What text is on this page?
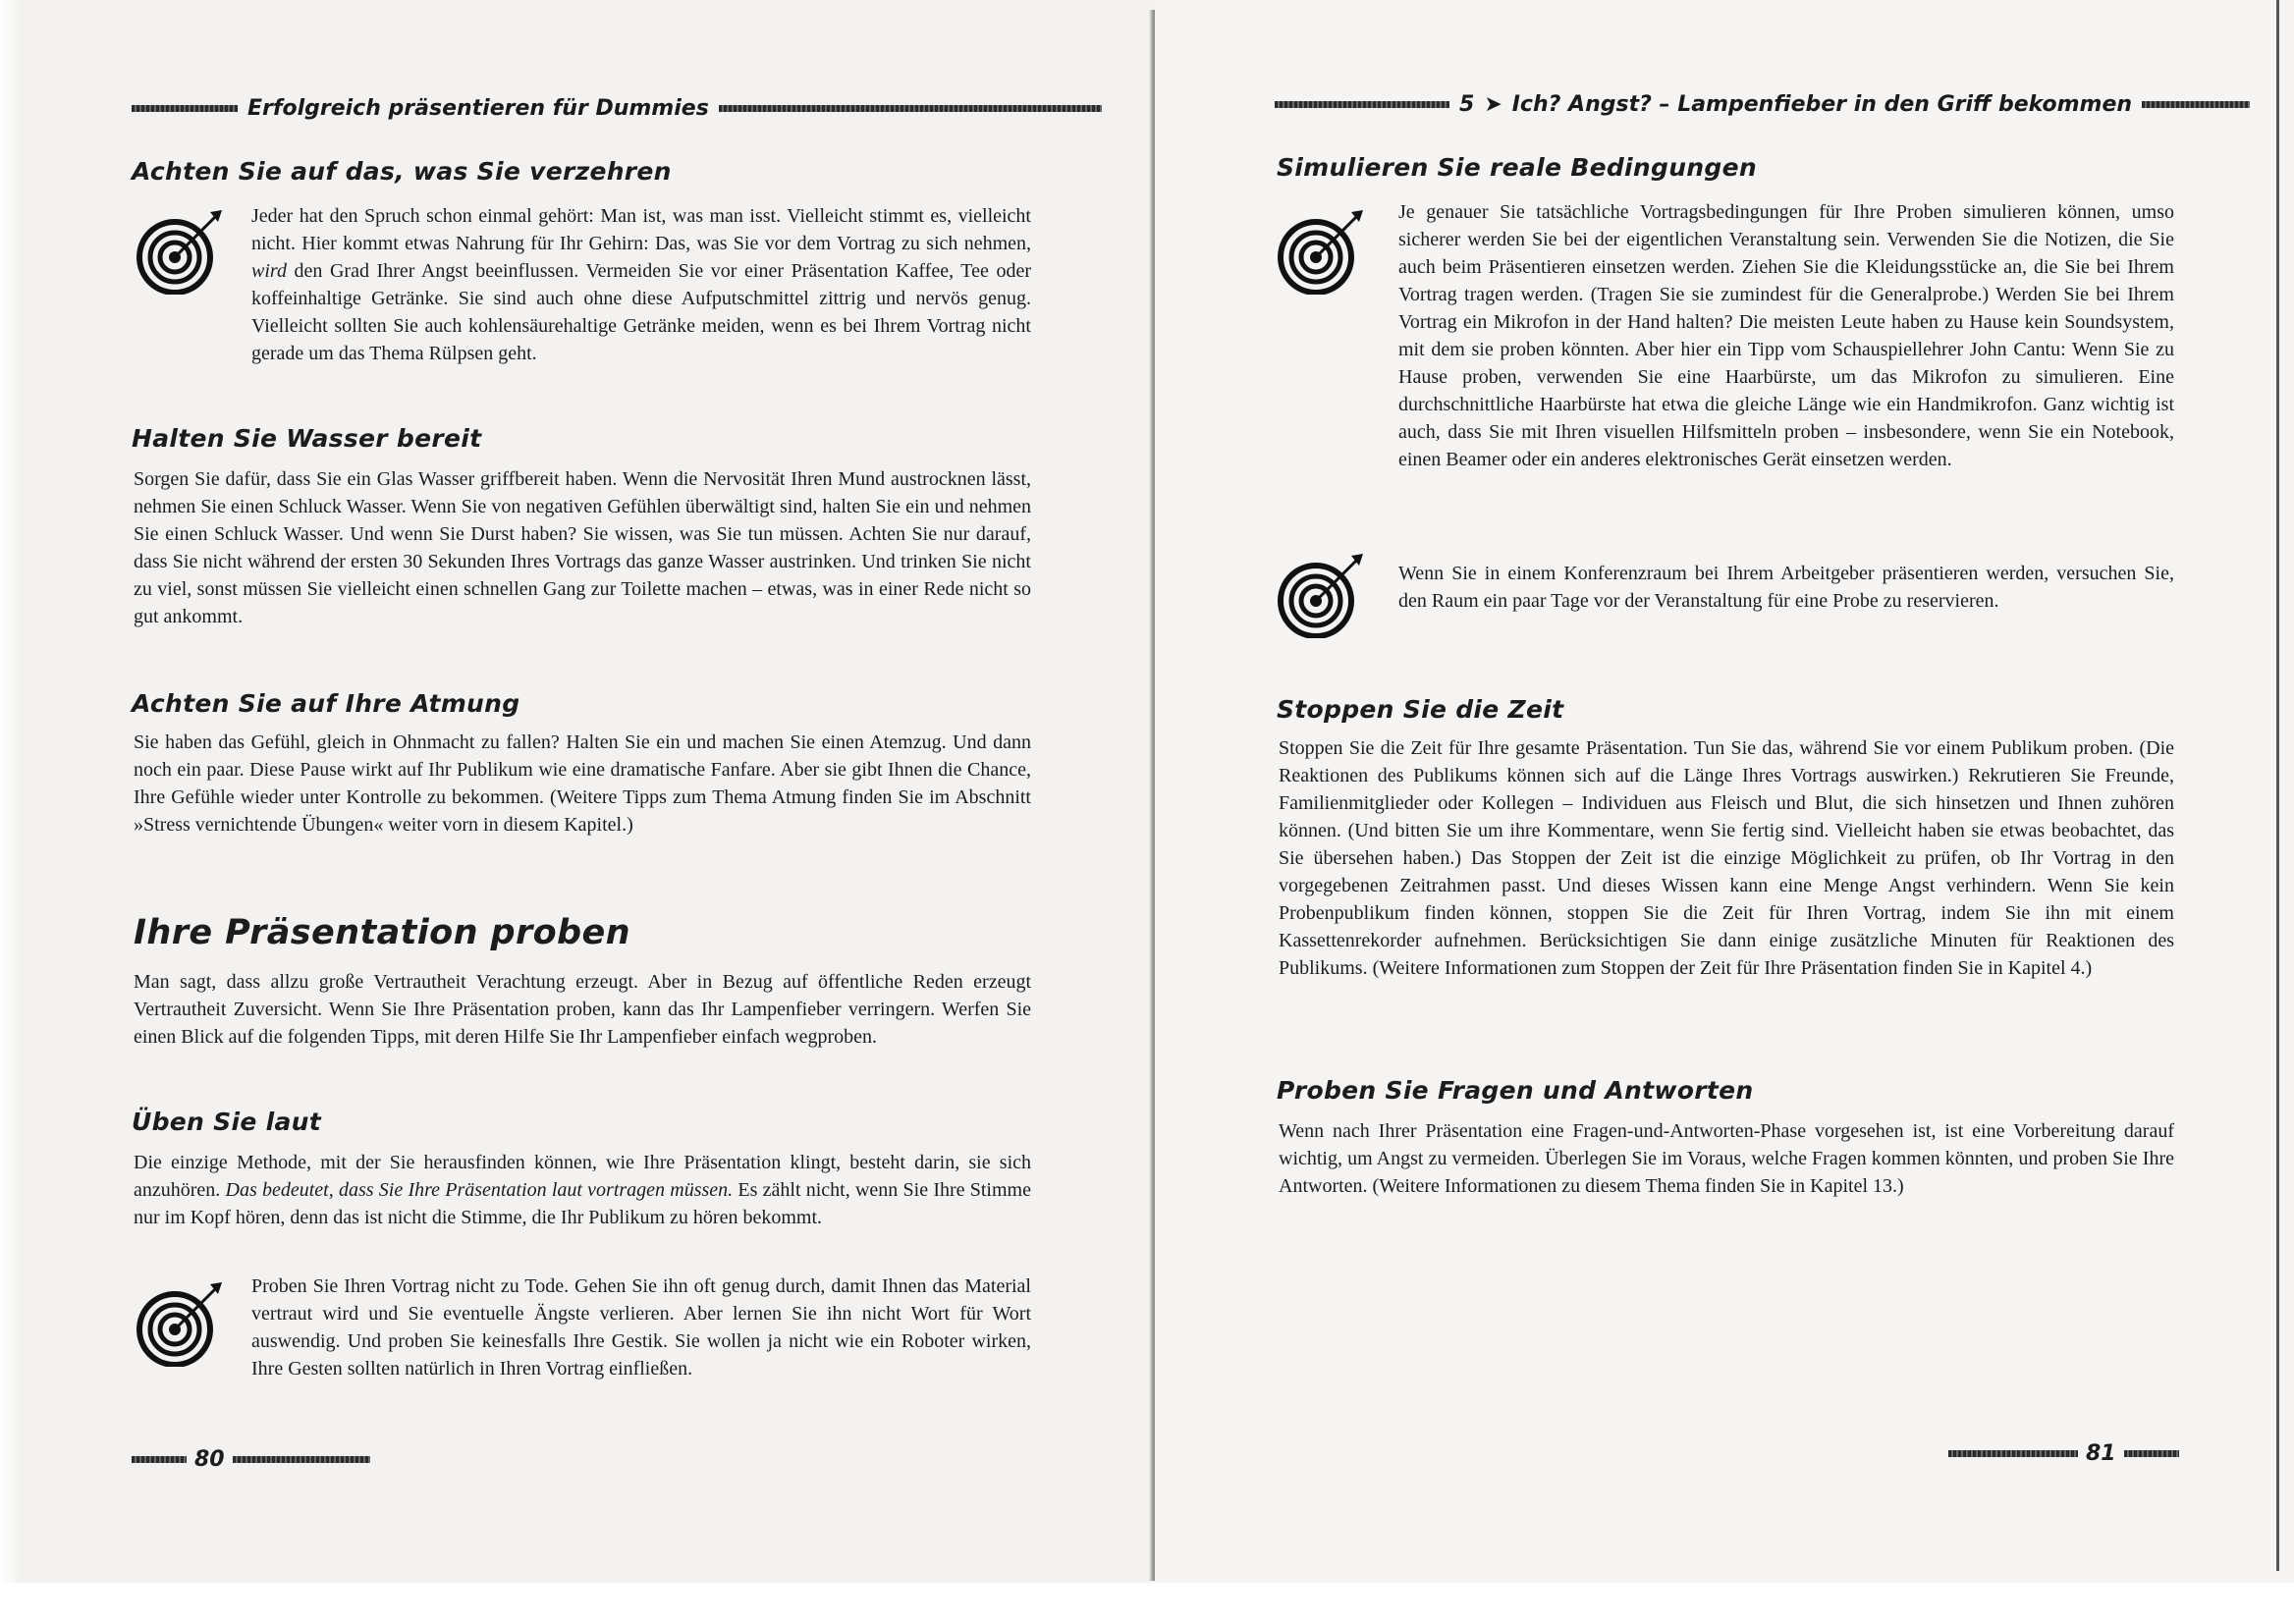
Erfolgreich präsentieren für Dummies
Achten Sie auf das, was Sie verzehren

Jeder hat den Spruch schon einmal gehört: Man ist, was man isst. Vielleicht stimmt es, vielleicht nicht. Hier kommt etwas Nahrung für Ihr Gehirn: Das, was Sie vor dem Vortrag zu sich nehmen, wird den Grad Ihrer Angst beeinflussen. Vermeiden Sie vor einer Präsentation Kaffee, Tee oder koffeinhaltige Getränke. Sie sind auch ohne diese Aufputschmittel zittrig und nervös genug. Vielleicht sollten Sie auch kohlensäurehaltige Getränke meiden, wenn es bei Ihrem Vortrag nicht gerade um das Thema Rülpsen geht.

Halten Sie Wasser bereit

Sorgen Sie dafür, dass Sie ein Glas Wasser griffbereit haben. Wenn die Nervosität Ihren Mund austrocknen lässt, nehmen Sie einen Schluck Wasser. Wenn Sie von negativen Gefühlen überwältigt sind, halten Sie ein und nehmen Sie einen Schluck Wasser. Und wenn Sie Durst haben? Sie wissen, was Sie tun müssen. Achten Sie nur darauf, dass Sie nicht während der ersten 30 Sekunden Ihres Vortrags das ganze Wasser austrinken. Und trinken Sie nicht zu viel, sonst müssen Sie vielleicht einen schnellen Gang zur Toilette machen – etwas, was in einer Rede nicht so gut ankommt.

Achten Sie auf Ihre Atmung

Sie haben das Gefühl, gleich in Ohnmacht zu fallen? Halten Sie ein und machen Sie einen Atemzug. Und dann noch ein paar. Diese Pause wirkt auf Ihr Publikum wie eine dramatische Fanfare. Aber sie gibt Ihnen die Chance, Ihre Gefühle wieder unter Kontrolle zu bekommen. (Weitere Tipps zum Thema Atmung finden Sie im Abschnitt »Stress vernichtende Übungen« weiter vorn in diesem Kapitel.)

Ihre Präsentation proben

Man sagt, dass allzu große Vertrautheit Verachtung erzeugt. Aber in Bezug auf öffentliche Reden erzeugt Vertrautheit Zuversicht. Wenn Sie Ihre Präsentation proben, kann das Ihr Lampenfieber verringern. Werfen Sie einen Blick auf die folgenden Tipps, mit deren Hilfe Sie Ihr Lampenfieber einfach wegproben.

Üben Sie laut

Die einzige Methode, mit der Sie herausfinden können, wie Ihre Präsentation klingt, besteht darin, sie sich anzuhören. Das bedeutet, dass Sie Ihre Präsentation laut vortragen müssen. Es zählt nicht, wenn Sie Ihre Stimme nur im Kopf hören, denn das ist nicht die Stimme, die Ihr Publikum zu hören bekommt.

Proben Sie Ihren Vortrag nicht zu Tode. Gehen Sie ihn oft genug durch, damit Ihnen das Material vertraut wird und Sie eventuelle Ängste verlieren. Aber lernen Sie ihn nicht Wort für Wort auswendig. Und proben Sie keinesfalls Ihre Gestik. Sie wollen ja nicht wie ein Roboter wirken, Ihre Gesten sollten natürlich in Ihren Vortrag einfließen.

80
5 ➤ Ich? Angst? – Lampenfieber in den Griff bekommen
Simulieren Sie reale Bedingungen

Je genauer Sie tatsächliche Vortragsbedingungen für Ihre Proben simulieren können, umso sicherer werden Sie bei der eigentlichen Veranstaltung sein. Verwenden Sie die Notizen, die Sie auch beim Präsentieren einsetzen werden. Ziehen Sie die Kleidungsstücke an, die Sie bei Ihrem Vortrag tragen werden. (Tragen Sie sie zumindest für die Generalprobe.) Werden Sie bei Ihrem Vortrag ein Mikrofon in der Hand halten? Die meisten Leute haben zu Hause kein Soundsystem, mit dem sie proben könnten. Aber hier ein Tipp vom Schauspiellehrer John Cantu: Wenn Sie zu Hause proben, verwenden Sie eine Haarbürste, um das Mikrofon zu simulieren. Eine durchschnittliche Haarbürste hat etwa die gleiche Länge wie ein Handmikrofon. Ganz wichtig ist auch, dass Sie mit Ihren visuellen Hilfsmitteln proben – insbesondere, wenn Sie ein Notebook, einen Beamer oder ein anderes elektronisches Gerät einsetzen werden.

Wenn Sie in einem Konferenzraum bei Ihrem Arbeitgeber präsentieren werden, versuchen Sie, den Raum ein paar Tage vor der Veranstaltung für eine Probe zu reservieren.

Stoppen Sie die Zeit

Stoppen Sie die Zeit für Ihre gesamte Präsentation. Tun Sie das, während Sie vor einem Publikum proben. (Die Reaktionen des Publikums können sich auf die Länge Ihres Vortrags auswirken.) Rekrutieren Sie Freunde, Familienmitglieder oder Kollegen – Individuen aus Fleisch und Blut, die sich hinsetzen und Ihnen zuhören können. (Und bitten Sie um ihre Kommentare, wenn Sie fertig sind. Vielleicht haben sie etwas beobachtet, das Sie übersehen haben.) Das Stoppen der Zeit ist die einzige Möglichkeit zu prüfen, ob Ihr Vortrag in den vorgegebenen Zeitrahmen passt. Und dieses Wissen kann eine Menge Angst verhindern. Wenn Sie kein Probenpublikum finden können, stoppen Sie die Zeit für Ihren Vortrag, indem Sie ihn mit einem Kassettenrekorder aufnehmen. Berücksichtigen Sie dann einige zusätzliche Minuten für Reaktionen des Publikums. (Weitere Informationen zum Stoppen der Zeit für Ihre Präsentation finden Sie in Kapitel 4.)

Proben Sie Fragen und Antworten

Wenn nach Ihrer Präsentation eine Fragen-und-Antworten-Phase vorgesehen ist, ist eine Vorbereitung darauf wichtig, um Angst zu vermeiden. Überlegen Sie im Voraus, welche Fragen kommen könnten, und proben Sie Ihre Antworten. (Weitere Informationen zu diesem Thema finden Sie in Kapitel 13.)

81
